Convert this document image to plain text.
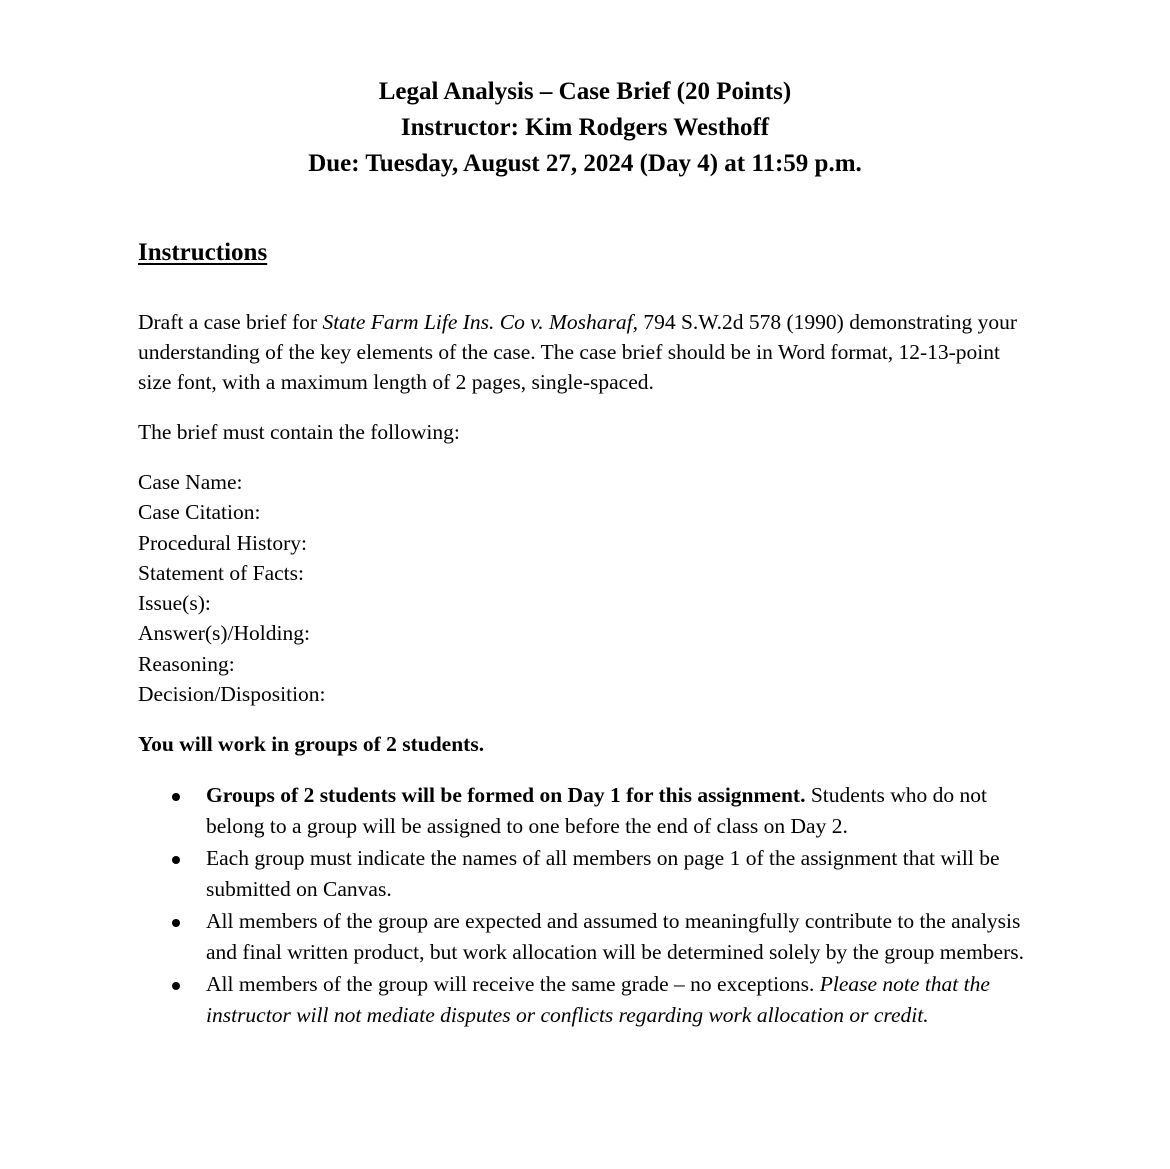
Legal Analysis – Case Brief (20 Points)
Instructor: Kim Rodgers Westhoff
Due: Tuesday, August 27, 2024 (Day 4) at 11:59 p.m.
Instructions
Draft a case brief for State Farm Life Ins. Co v. Mosharaf, 794 S.W.2d 578 (1990) demonstrating your understanding of the key elements of the case. The case brief should be in Word format, 12-13-point size font, with a maximum length of 2 pages, single-spaced.
The brief must contain the following:
Case Name:
Case Citation:
Procedural History:
Statement of Facts:
Issue(s):
Answer(s)/Holding:
Reasoning:
Decision/Disposition:
You will work in groups of 2 students.
Groups of 2 students will be formed on Day 1 for this assignment. Students who do not belong to a group will be assigned to one before the end of class on Day 2.
Each group must indicate the names of all members on page 1 of the assignment that will be submitted on Canvas.
All members of the group are expected and assumed to meaningfully contribute to the analysis and final written product, but work allocation will be determined solely by the group members.
All members of the group will receive the same grade – no exceptions. Please note that the instructor will not mediate disputes or conflicts regarding work allocation or credit.
